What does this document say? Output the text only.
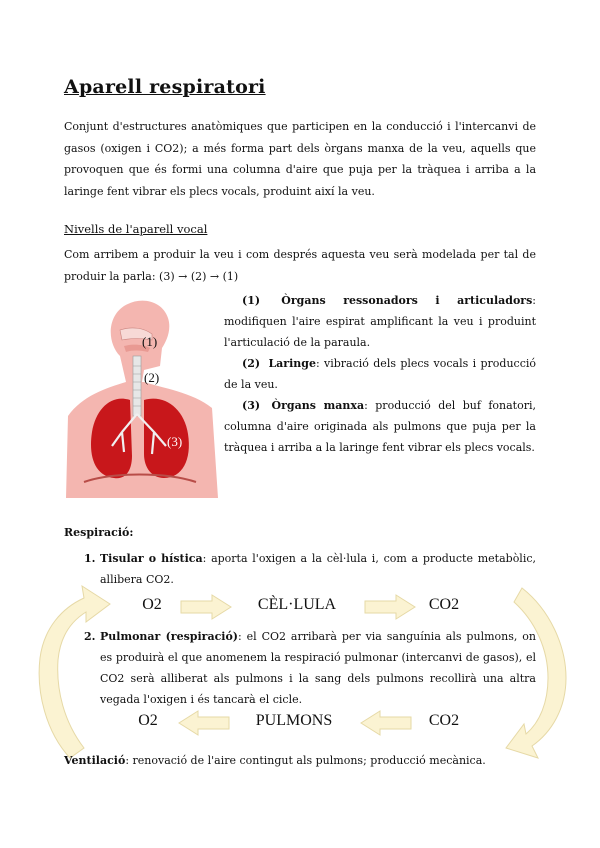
Aparell respiratori
Conjunt d'estructures anatòmiques que participen en la conducció i l'intercanvi de gasos (oxigen i CO2); a més forma part dels òrgans manxa de la veu, aquells que provoquen que és formi una columna d'aire que puja per la tràquea i arriba a la laringe fent vibrar els plecs vocals, produint així la veu.
Nivells de l'aparell vocal
Com arribem a produir la veu i com després aquesta veu serà modelada per tal de produir la parla: (3) → (2) → (1)
(1)
(2)
(3)
(1) Òrgans ressonadors i articuladors: modifiquen l'aire espirat amplificant la veu i produint l'articulació de la paraula.
(2) Laringe: vibració dels plecs vocals i producció de la veu.
(3) Òrgans manxa: producció del buf fonatori, columna d'aire originada als pulmons que puja per la tràquea i arriba a la laringe fent vibrar els plecs vocals.
Respiració:
1. Tisular o hística: aporta l'oxigen a la cèl·lula i, com a producte metabòlic, allibera CO2.
O2	CÈL·LULA	CO2
2. Pulmonar (respiració): el CO2 arribarà per via sanguínia als pulmons, on es produirà el que anomenem la respiració pulmonar (intercanvi de gasos), el CO2 serà alliberat als pulmons i la sang dels pulmons recollirà una altra vegada l'oxigen i és tancarà el cicle.
O2	PULMONS	CO2
Ventilació: renovació de l'aire contingut als pulmons; producció mecànica.
